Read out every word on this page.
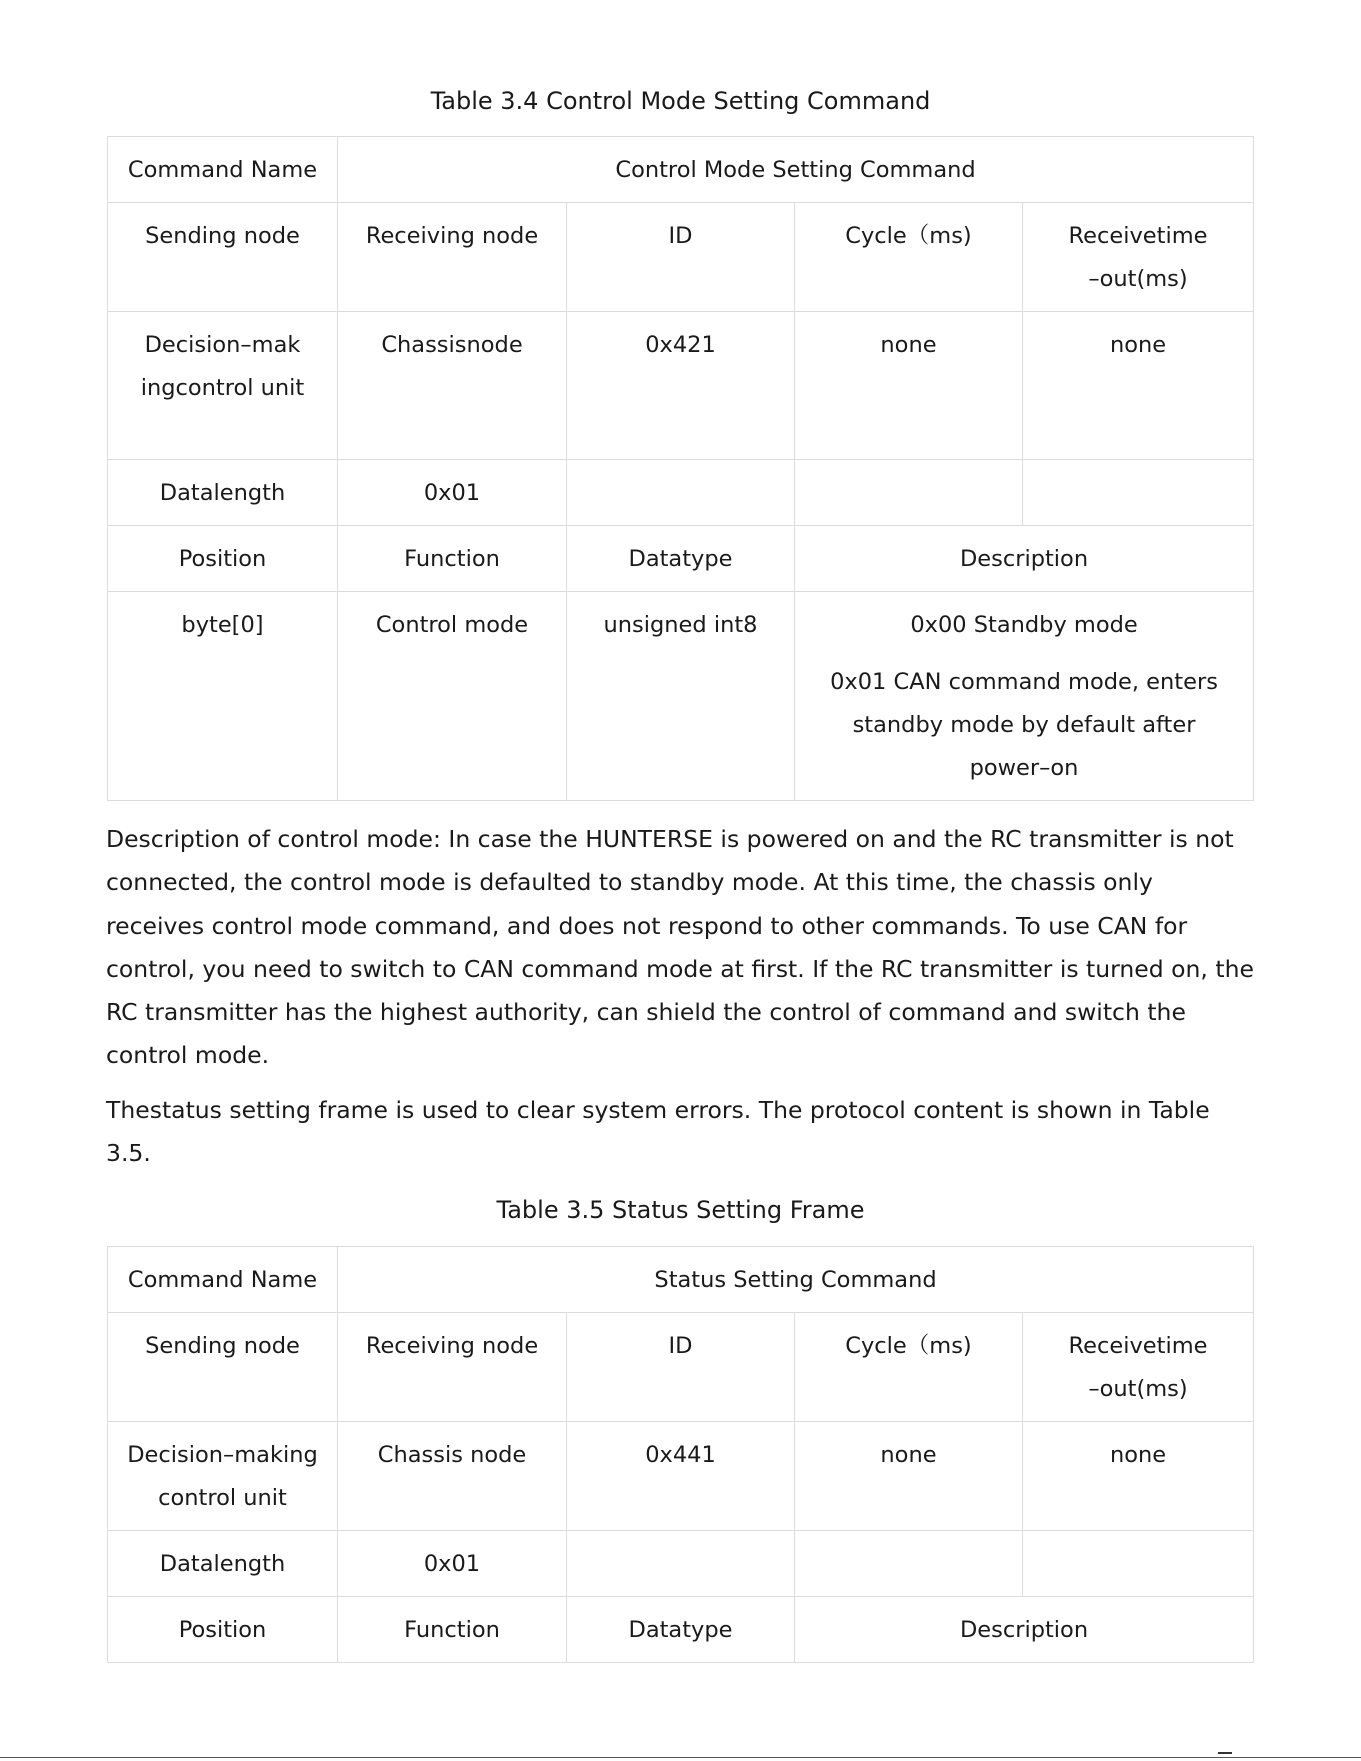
Table 3.4 Control Mode Setting Command
Command Name	Control Mode Setting Command			
Sending node	Receiving node	ID	Cycle（ms)	Receivetime–out(ms)
Decision–mak ingcontrol unit	Chassisnode	0x421	none	none
Datalength	0x01			
Position	Function	Datatype	Description	
byte[0]	Control mode	unsigned int8	0x00 Standby mode
0x01 CAN command mode, enters standby mode by default after power–on	

Description of control mode: In case the HUNTERSE is powered on and the RC transmitter is not connected, the control mode is defaulted to standby mode. At this time, the chassis only receives control mode command, and does not respond to other commands. To use CAN for control, you need to switch to CAN command mode at first. If the RC transmitter is turned on, the RC transmitter has the highest authority, can shield the control of command and switch the control mode.

Thestatus setting frame is used to clear system errors. The protocol content is shown in Table 3.5.

Table 3.5 Status Setting Frame
Command Name	Status Setting Command			
Sending node	Receiving node	ID	Cycle（ms)	Receivetime–out(ms)
Decision–making control unit	Chassis node	0x441	none	none
Datalength	0x01			
Position	Function	Datatype	Description	
